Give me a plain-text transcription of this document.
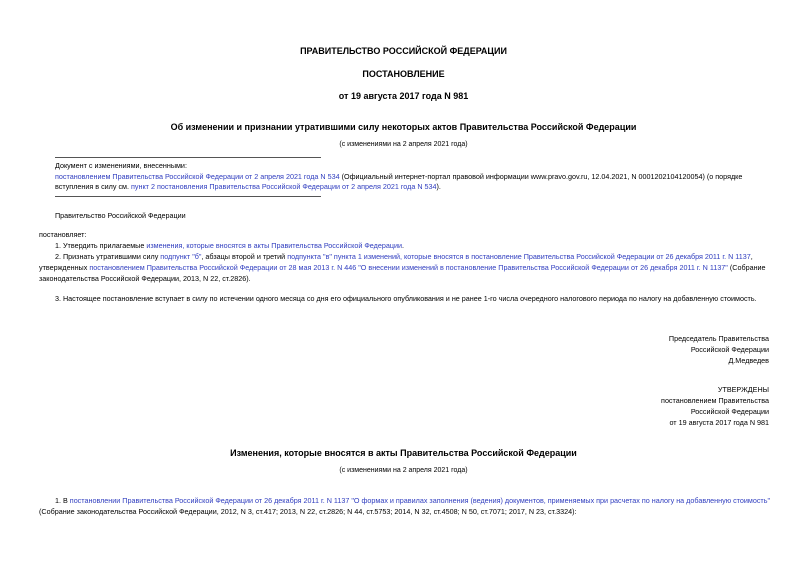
ПРАВИТЕЛЬСТВО РОССИЙСКОЙ ФЕДЕРАЦИИ
ПОСТАНОВЛЕНИЕ
от 19 августа 2017 года N 981
Об изменении и признании утратившими силу некоторых актов Правительства Российской Федерации
(с изменениями на 2 апреля 2021 года)
Документ с изменениями, внесенными:
постановлением Правительства Российской Федерации от 2 апреля 2021 года N 534 (Официальный интернет-портал правовой информации www.pravo.gov.ru, 12.04.2021, N 0001202104120054) (о порядке
вступления в силу см. пункт 2 постановления Правительства Российской Федерации от 2 апреля 2021 года N 534).
Правительство Российской Федерации
постановляет:
1. Утвердить прилагаемые изменения, которые вносятся в акты Правительства Российской Федерации.
2. Признать утратившими силу подпункт "б", абзацы второй и третий подпункта "в" пункта 1 изменений, которые вносятся в постановление Правительства Российской Федерации от 26 декабря 2011 г. N 1137,
утвержденных постановлением Правительства Российской Федерации от 28 мая 2013 г. N 446 "О внесении изменений в постановление Правительства Российской Федерации от 26 декабря 2011 г. N 1137" (Собрание
законодательства Российской Федерации, 2013, N 22, ст.2826).
3. Настоящее постановление вступает в силу по истечении одного месяца со дня его официального опубликования и не ранее 1-го числа очередного налогового периода по налогу на добавленную стоимость.
Председатель Правительства
Российской Федерации
Д.Медведев
УТВЕРЖДЕНЫ
постановлением Правительства
Российской Федерации
от 19 августа 2017 года N 981
Изменения, которые вносятся в акты Правительства Российской Федерации
(с изменениями на 2 апреля 2021 года)
1. В постановлении Правительства Российской Федерации от 26 декабря 2011 г. N 1137 "О формах и правилах заполнения (ведения) документов, применяемых при расчетах по налогу на добавленную стоимость"
(Собрание законодательства Российской Федерации, 2012, N 3, ст.417; 2013, N 22, ст.2826; N 44, ст.5753; 2014, N 32, ст.4508; N 50, ст.7071; 2017, N 23, ст.3324):
